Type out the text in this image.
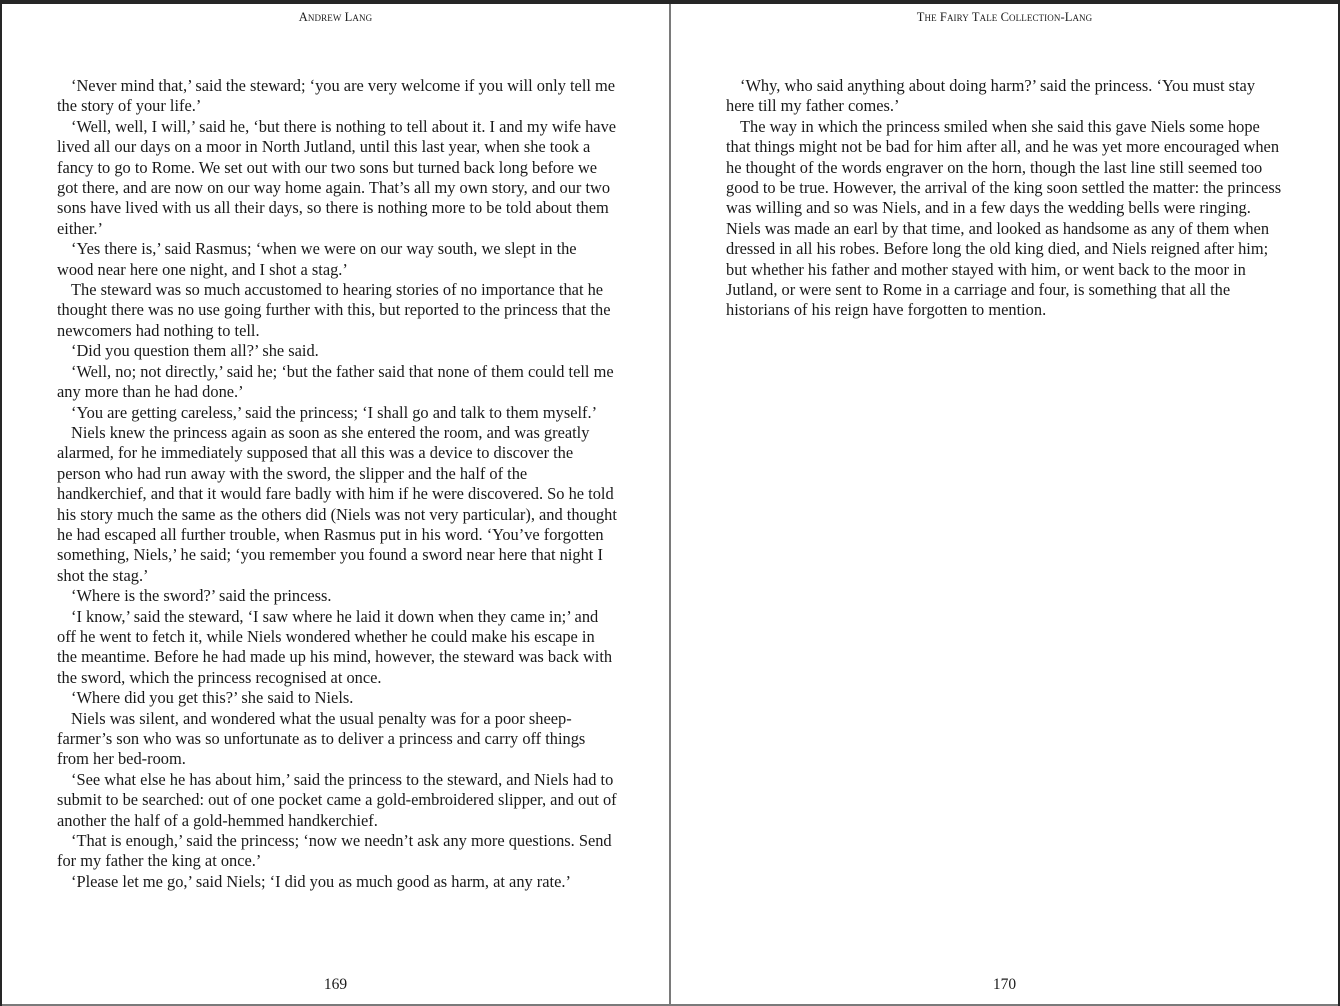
Andrew Lang

‘Never mind that,’ said the steward; ‘you are very welcome if you will only tell me the story of your life.’

‘Well, well, I will,’ said he, ‘but there is nothing to tell about it. I and my wife have lived all our days on a moor in North Jutland, until this last year, when she took a fancy to go to Rome. We set out with our two sons but turned back long before we got there, and are now on our way home again. That’s all my own story, and our two sons have lived with us all their days, so there is nothing more to be told about them either.’

‘Yes there is,’ said Rasmus; ‘when we were on our way south, we slept in the wood near here one night, and I shot a stag.’

The steward was so much accustomed to hearing stories of no importance that he thought there was no use going further with this, but reported to the princess that the newcomers had nothing to tell.

‘Did you question them all?’ she said.

‘Well, no; not directly,’ said he; ‘but the father said that none of them could tell me any more than he had done.’

‘You are getting careless,’ said the princess; ‘I shall go and talk to them myself.’

Niels knew the princess again as soon as she entered the room, and was greatly alarmed, for he immediately supposed that all this was a device to discover the person who had run away with the sword, the slipper and the half of the handkerchief, and that it would fare badly with him if he were discovered. So he told his story much the same as the others did (Niels was not very particular), and thought he had escaped all further trouble, when Rasmus put in his word. ‘You’ve forgotten something, Niels,’ he said; ‘you remember you found a sword near here that night I shot the stag.’

‘Where is the sword?’ said the princess.

‘I know,’ said the steward, ‘I saw where he laid it down when they came in;’ and off he went to fetch it, while Niels wondered whether he could make his escape in the meantime. Before he had made up his mind, however, the steward was back with the sword, which the princess recognised at once.

‘Where did you get this?’ she said to Niels.

Niels was silent, and wondered what the usual penalty was for a poor sheep-farmer’s son who was so unfortunate as to deliver a princess and carry off things from her bed-room.

‘See what else he has about him,’ said the princess to the steward, and Niels had to submit to be searched: out of one pocket came a gold-embroidered slipper, and out of another the half of a gold-hemmed handkerchief.

‘That is enough,’ said the princess; ‘now we needn’t ask any more questions. Send for my father the king at once.’

‘Please let me go,’ said Niels; ‘I did you as much good as harm, at any rate.’

169
The Fairy Tale Collection-Lang

‘Why, who said anything about doing harm?’ said the princess. ‘You must stay here till my father comes.’

The way in which the princess smiled when she said this gave Niels some hope that things might not be bad for him after all, and he was yet more encouraged when he thought of the words engraver on the horn, though the last line still seemed too good to be true. However, the arrival of the king soon settled the matter: the princess was willing and so was Niels, and in a few days the wedding bells were ringing. Niels was made an earl by that time, and looked as handsome as any of them when dressed in all his robes. Before long the old king died, and Niels reigned after him; but whether his father and mother stayed with him, or went back to the moor in Jutland, or were sent to Rome in a carriage and four, is something that all the historians of his reign have forgotten to mention.

170
